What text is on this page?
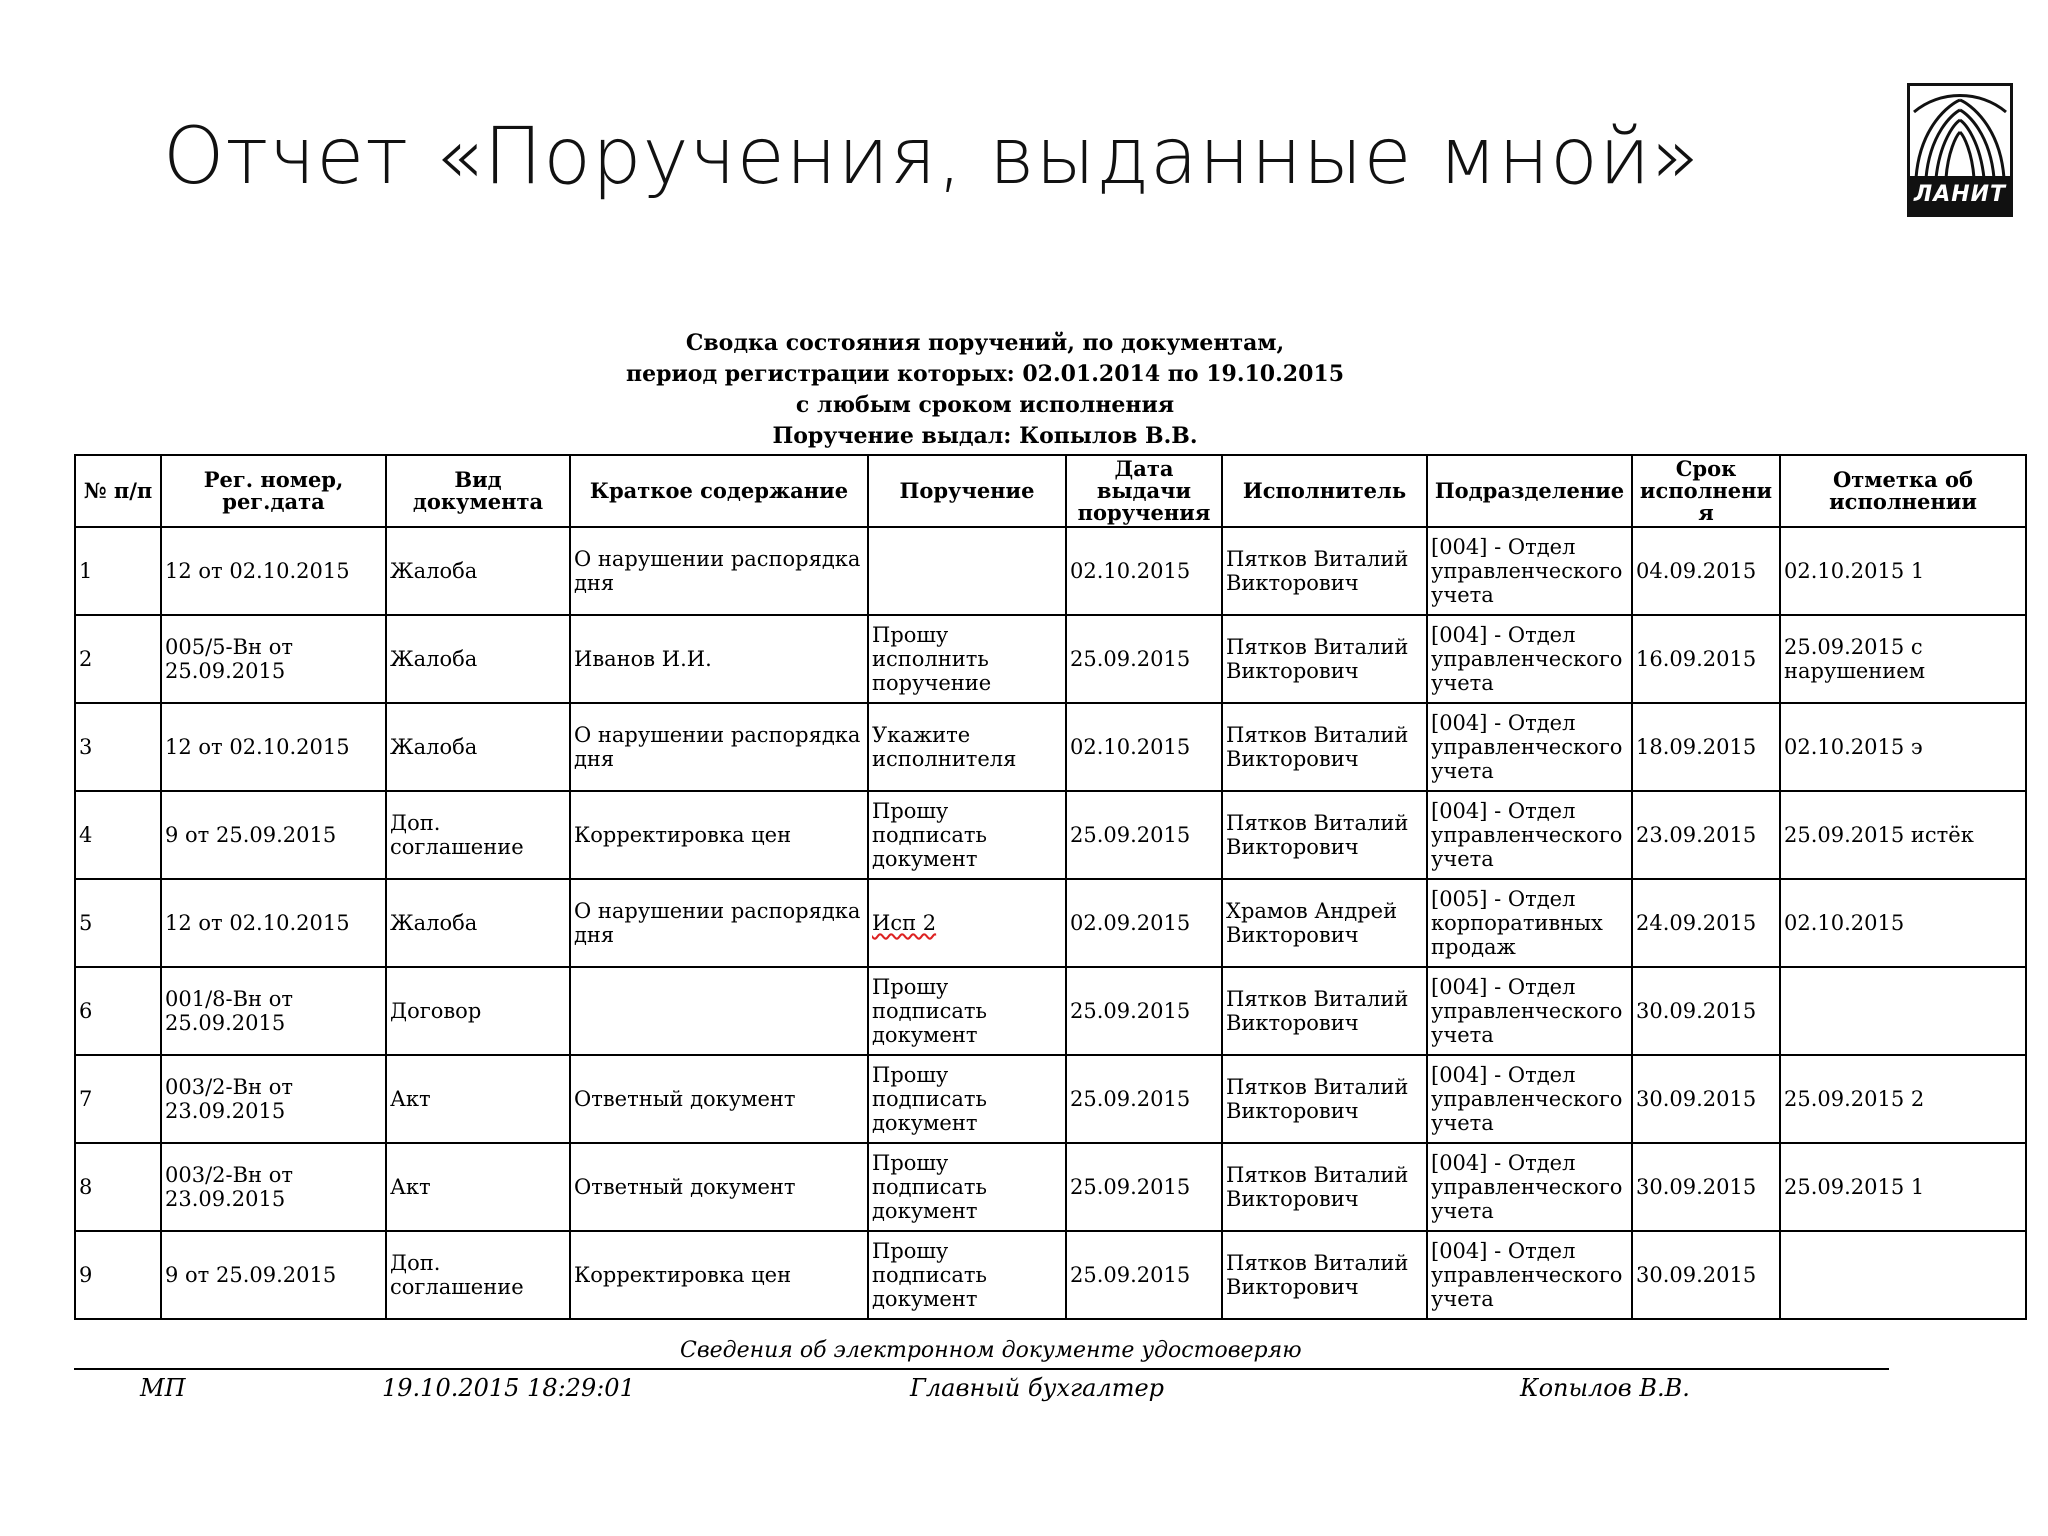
Отчет «Поручения, выданные мной»	ЛАНИТ
Сводка состояния поручений, по документам,
период регистрации которых: 02.01.2014 по 19.10.2015
с любым сроком исполнения
Поручение выдал: Копылов В.В.
№ п/п	Рег. номер, рег.дата	Вид документа	Краткое содержание	Поручение	Дата выдачи поручения	Исполнитель	Подразделение	Срок исполнения	Отметка об исполнении
1	12 от 02.10.2015	Жалоба	О нарушении распорядка дня		02.10.2015	Пятков Виталий Викторович	[004] - Отдел управленческого учета	04.09.2015	02.10.2015 1
2	005/5-Вн от 25.09.2015	Жалоба	Иванов И.И.	Прошу исполнить поручение	25.09.2015	Пятков Виталий Викторович	[004] - Отдел управленческого учета	16.09.2015	25.09.2015 с нарушением
3	12 от 02.10.2015	Жалоба	О нарушении распорядка дня	Укажите исполнителя	02.10.2015	Пятков Виталий Викторович	[004] - Отдел управленческого учета	18.09.2015	02.10.2015 э
4	9 от 25.09.2015	Доп. соглашение	Корректировка цен	Прошу подписать документ	25.09.2015	Пятков Виталий Викторович	[004] - Отдел управленческого учета	23.09.2015	25.09.2015 истёк
5	12 от 02.10.2015	Жалоба	О нарушении распорядка дня	Исп 2	02.09.2015	Храмов Андрей Викторович	[005] - Отдел корпоративных продаж	24.09.2015	02.10.2015
6	001/8-Вн от 25.09.2015	Договор		Прошу подписать документ	25.09.2015	Пятков Виталий Викторович	[004] - Отдел управленческого учета	30.09.2015	
7	003/2-Вн от 23.09.2015	Акт	Ответный документ	Прошу подписать документ	25.09.2015	Пятков Виталий Викторович	[004] - Отдел управленческого учета	30.09.2015	25.09.2015 2
8	003/2-Вн от 23.09.2015	Акт	Ответный документ	Прошу подписать документ	25.09.2015	Пятков Виталий Викторович	[004] - Отдел управленческого учета	30.09.2015	25.09.2015 1
9	9 от 25.09.2015	Доп. соглашение	Корректировка цен	Прошу подписать документ	25.09.2015	Пятков Виталий Викторович	[004] - Отдел управленческого учета	30.09.2015	
Сведения об электронном документе удостоверяю
МП	19.10.2015 18:29:01	Главный бухгалтер	Копылов В.В.
